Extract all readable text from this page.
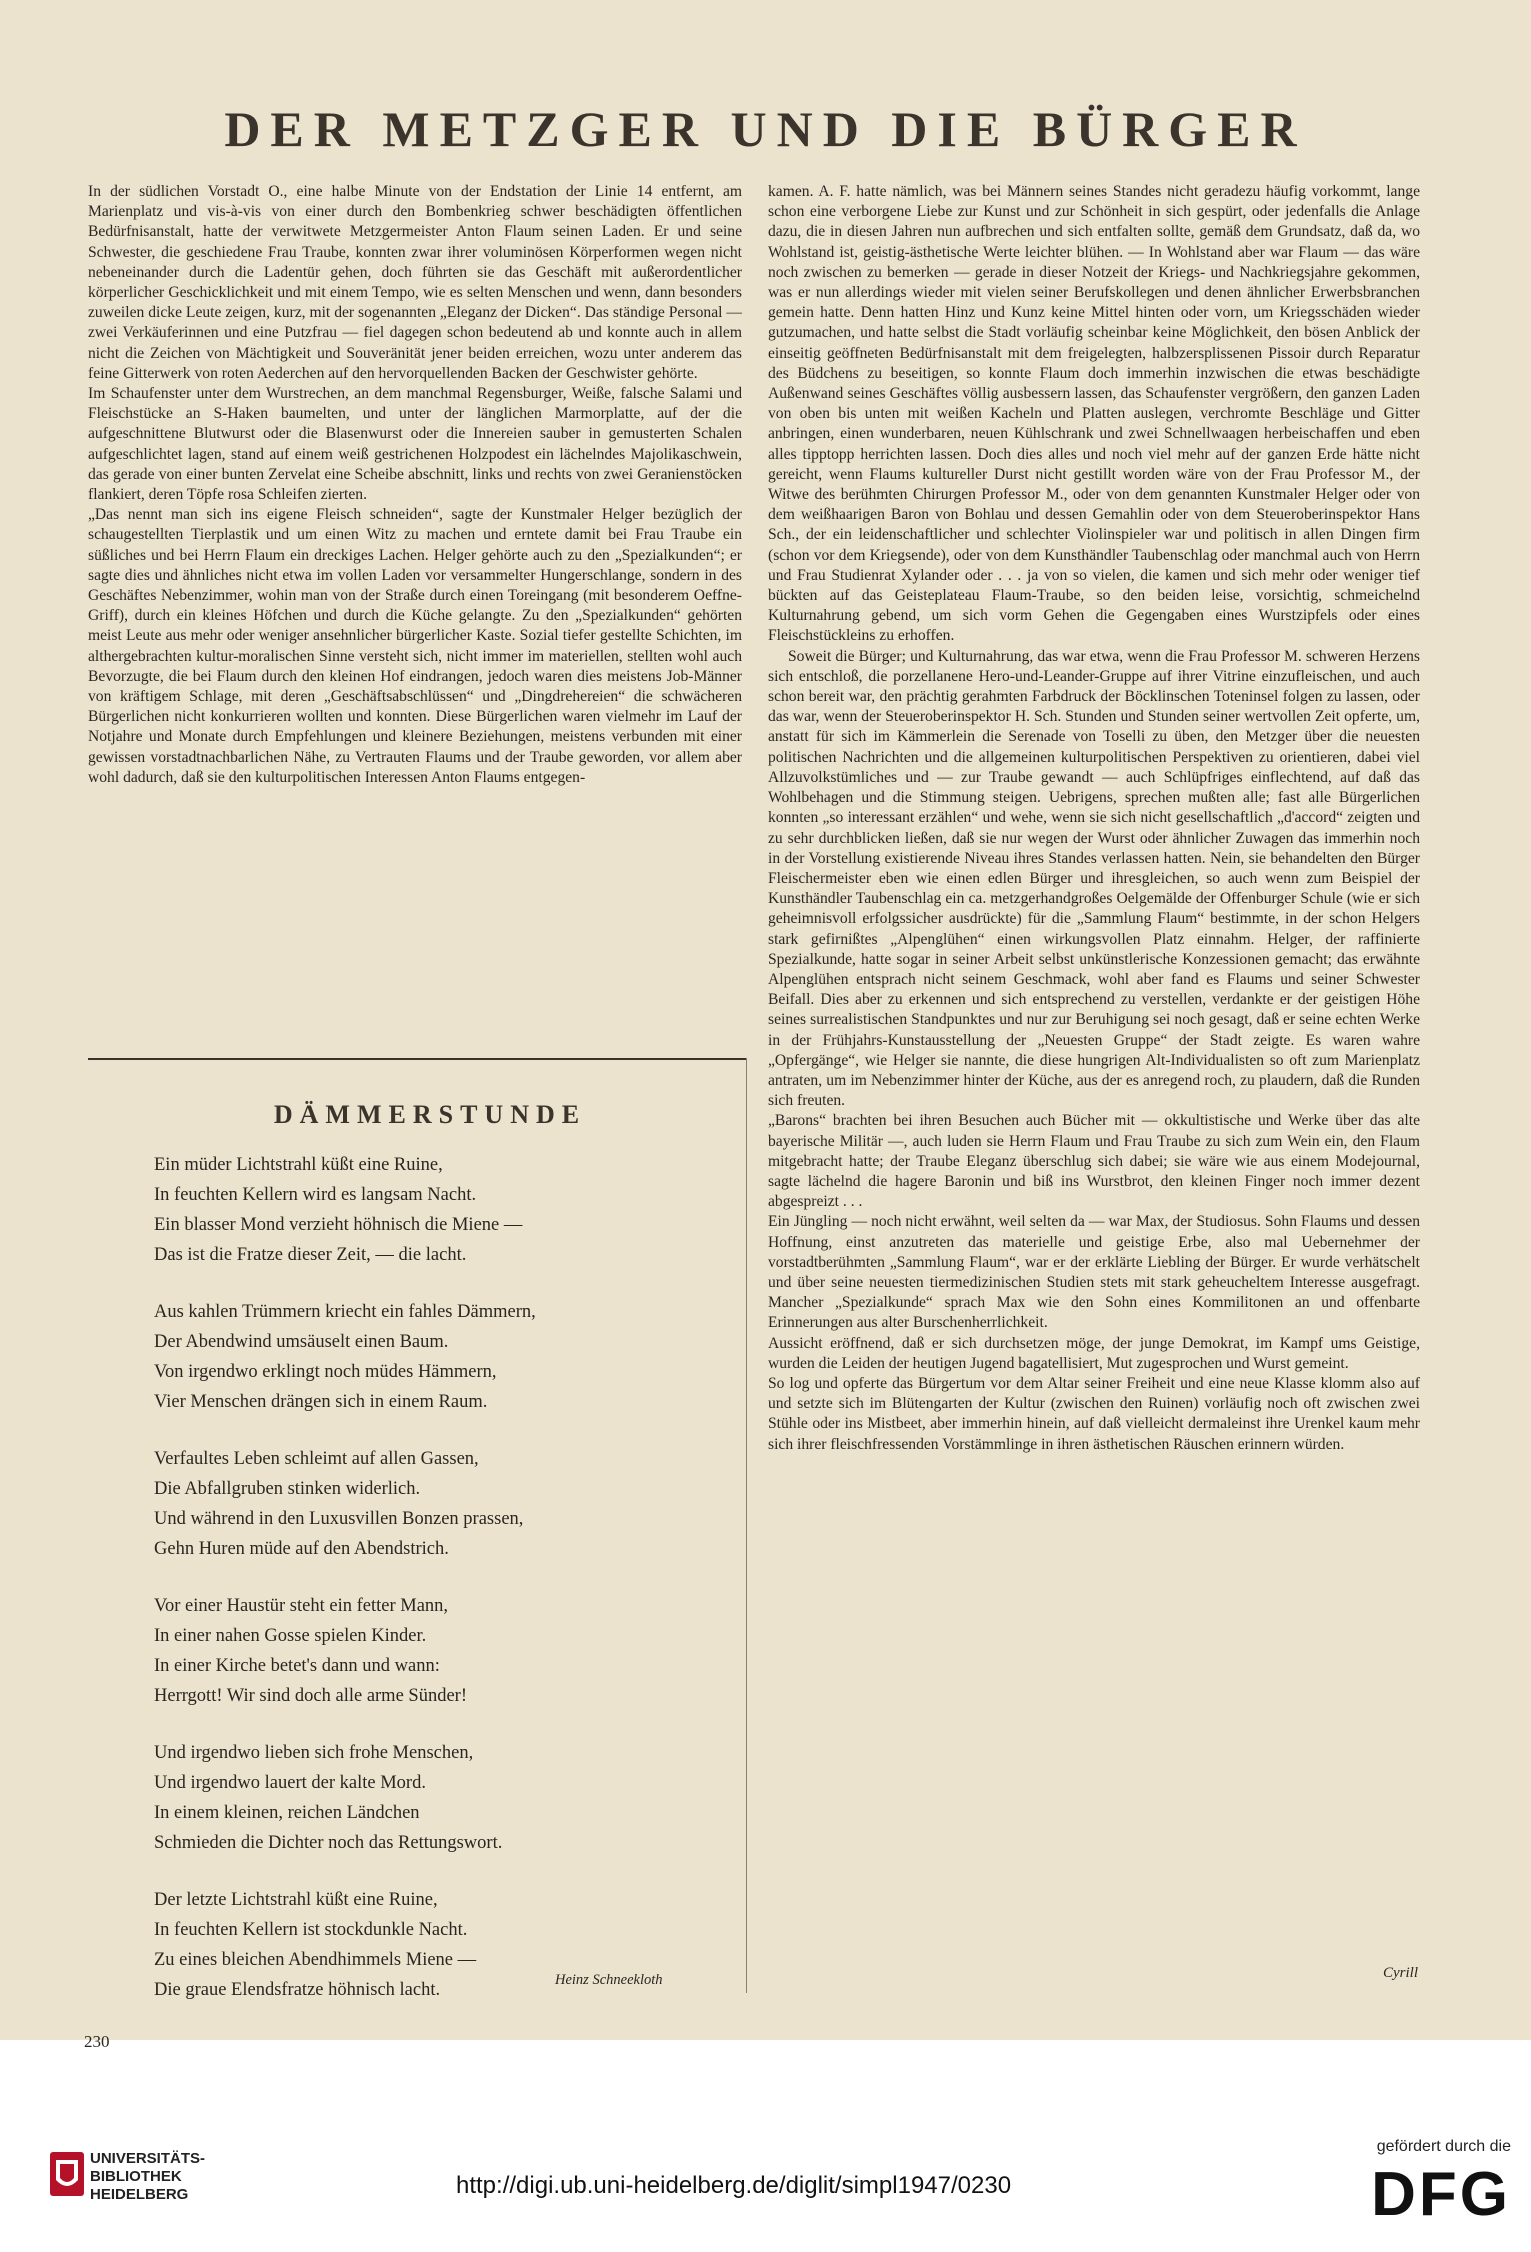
DER METZGER UND DIE BÜRGER

In der südlichen Vorstadt O., eine halbe Minute von der Endstation der Linie 14 entfernt, am Marienplatz und vis-à-vis von einer durch den Bombenkrieg schwer beschädigten öffentlichen Bedürfnisanstalt, hatte der verwitwete Metzgermeister Anton Flaum seinen Laden. Er und seine Schwester, die geschiedene Frau Traube, konnten zwar ihrer voluminösen Körperformen wegen nicht nebeneinander durch die Ladentür gehen, doch führten sie das Geschäft mit außerordentlicher körperlicher Geschicklichkeit und mit einem Tempo, wie es selten Menschen und wenn, dann besonders zuweilen dicke Leute zeigen, kurz, mit der sogenannten „Eleganz der Dicken“. Das ständige Personal — zwei Verkäuferinnen und eine Putzfrau — fiel dagegen schon bedeutend ab und konnte auch in allem nicht die Zeichen von Mächtigkeit und Souveränität jener beiden erreichen, wozu unter anderem das feine Gitterwerk von roten Aederchen auf den hervorquellenden Backen der Geschwister gehörte.

Im Schaufenster unter dem Wurstrechen, an dem manchmal Regensburger, Weiße, falsche Salami und Fleischstücke an S-Haken baumelten, und unter der länglichen Marmorplatte, auf der die aufgeschnittene Blutwurst oder die Blasenwurst oder die Innereien sauber in gemusterten Schalen aufgeschlichtet lagen, stand auf einem weiß gestrichenen Holzpodest ein lächelndes Majolikaschwein, das gerade von einer bunten Zervelat eine Scheibe abschnitt, links und rechts von zwei Geranienstöcken flankiert, deren Töpfe rosa Schleifen zierten.

„Das nennt man sich ins eigene Fleisch schneiden“, sagte der Kunstmaler Helger bezüglich der schaugestellten Tierplastik und um einen Witz zu machen und erntete damit bei Frau Traube ein süßliches und bei Herrn Flaum ein dreckiges Lachen. Helger gehörte auch zu den „Spezialkunden“; er sagte dies und ähnliches nicht etwa im vollen Laden vor versammelter Hungerschlange, sondern in des Geschäftes Nebenzimmer, wohin man von der Straße durch einen Toreingang (mit besonderem Oeffne-Griff), durch ein kleines Höfchen und durch die Küche gelangte. Zu den „Spezialkunden“ gehörten meist Leute aus mehr oder weniger ansehnlicher bürgerlicher Kaste. Sozial tiefer gestellte Schichten, im althergebrachten kultur-moralischen Sinne versteht sich, nicht immer im materiellen, stellten wohl auch Bevorzugte, die bei Flaum durch den kleinen Hof eindrangen, jedoch waren dies meistens Job-Männer von kräftigem Schlage, mit deren „Geschäftsabschlüssen“ und „Dingdrehereien“ die schwächeren Bürgerlichen nicht konkurrieren wollten und konnten. Diese Bürgerlichen waren vielmehr im Lauf der Notjahre und Monate durch Empfehlungen und kleinere Beziehungen, meistens verbunden mit einer gewissen vorstadtnachbarlichen Nähe, zu Vertrauten Flaums und der Traube geworden, vor allem aber wohl dadurch, daß sie den kulturpolitischen Interessen Anton Flaums entgegen-

kamen. A. F. hatte nämlich, was bei Männern seines Standes nicht geradezu häufig vorkommt, lange schon eine verborgene Liebe zur Kunst und zur Schönheit in sich gespürt, oder jedenfalls die Anlage dazu, die in diesen Jahren nun aufbrechen und sich entfalten sollte, gemäß dem Grundsatz, daß da, wo Wohlstand ist, geistig-ästhetische Werte leichter blühen. — In Wohlstand aber war Flaum — das wäre noch zwischen zu bemerken — gerade in dieser Notzeit der Kriegs- und Nachkriegsjahre gekommen, was er nun allerdings wieder mit vielen seiner Berufskollegen und denen ähnlicher Erwerbsbranchen gemein hatte. Denn hatten Hinz und Kunz keine Mittel hinten oder vorn, um Kriegsschäden wieder gutzumachen, und hatte selbst die Stadt vorläufig scheinbar keine Möglichkeit, den bösen Anblick der einseitig geöffneten Bedürfnisanstalt mit dem freigelegten, halbzersplissenen Pissoir durch Reparatur des Büdchens zu beseitigen, so konnte Flaum doch immerhin inzwischen die etwas beschädigte Außenwand seines Geschäftes völlig ausbessern lassen, das Schaufenster vergrößern, den ganzen Laden von oben bis unten mit weißen Kacheln und Platten auslegen, verchromte Beschläge und Gitter anbringen, einen wunderbaren, neuen Kühlschrank und zwei Schnellwaagen herbeischaffen und eben alles tipptopp herrichten lassen. Doch dies alles und noch viel mehr auf der ganzen Erde hätte nicht gereicht, wenn Flaums kultureller Durst nicht gestillt worden wäre von der Frau Professor M., der Witwe des berühmten Chirurgen Professor M., oder von dem genannten Kunstmaler Helger oder von dem weißhaarigen Baron von Bohlau und dessen Gemahlin oder von dem Steueroberinspektor Hans Sch., der ein leidenschaftlicher und schlechter Violinspieler war und politisch in allen Dingen firm (schon vor dem Kriegsende), oder von dem Kunsthändler Taubenschlag oder manchmal auch von Herrn und Frau Studienrat Xylander oder . . . ja von so vielen, die kamen und sich mehr oder weniger tief bückten auf das Geisteplateau Flaum-Traube, so den beiden leise, vorsichtig, schmeichelnd Kulturnahrung gebend, um sich vorm Gehen die Gegengaben eines Wurstzipfels oder eines Fleischstückleins zu erhoffen.

Soweit die Bürger; und Kulturnahrung, das war etwa, wenn die Frau Professor M. schweren Herzens sich entschloß, die porzellanene Hero-und-Leander-Gruppe auf ihrer Vitrine einzufleischen, und auch schon bereit war, den prächtig gerahmten Farbdruck der Böcklinschen Toteninsel folgen zu lassen, oder das war, wenn der Steueroberinspektor H. Sch. Stunden und Stunden seiner wertvollen Zeit opferte, um, anstatt für sich im Kämmerlein die Serenade von Toselli zu üben, den Metzger über die neuesten politischen Nachrichten und die allgemeinen kulturpolitischen Perspektiven zu orientieren, dabei viel Allzuvolkstümliches und — zur Traube gewandt — auch Schlüpfriges einflechtend, auf daß das Wohlbehagen und die Stimmung steigen. Uebrigens, sprechen mußten alle; fast alle Bürgerlichen konnten „so interessant erzählen“ und wehe, wenn sie sich nicht gesellschaftlich „d'accord“ zeigten und zu sehr durchblicken ließen, daß sie nur wegen der Wurst oder ähnlicher Zuwagen das immerhin noch in der Vorstellung existierende Niveau ihres Standes verlassen hatten. Nein, sie behandelten den Bürger Fleischermeister eben wie einen edlen Bürger und ihresgleichen, so auch wenn zum Beispiel der Kunsthändler Taubenschlag ein ca. metzgerhandgroßes Oelgemälde der Offenburger Schule (wie er sich geheimnisvoll erfolgssicher ausdrückte) für die „Sammlung Flaum“ bestimmte, in der schon Helgers stark gefirnißtes „Alpenglühen“ einen wirkungsvollen Platz einnahm. Helger, der raffinierte Spezialkunde, hatte sogar in seiner Arbeit selbst unkünstlerische Konzessionen gemacht; das erwähnte Alpenglühen entsprach nicht seinem Geschmack, wohl aber fand es Flaums und seiner Schwester Beifall. Dies aber zu erkennen und sich entsprechend zu verstellen, verdankte er der geistigen Höhe seines surrealistischen Standpunktes und nur zur Beruhigung sei noch gesagt, daß er seine echten Werke in der Frühjahrs-Kunstausstellung der „Neuesten Gruppe“ der Stadt zeigte. Es waren wahre „Opfergänge“, wie Helger sie nannte, die diese hungrigen Alt-Individualisten so oft zum Marienplatz antraten, um im Nebenzimmer hinter der Küche, aus der es anregend roch, zu plaudern, daß die Runden sich freuten.

„Barons“ brachten bei ihren Besuchen auch Bücher mit — okkultistische und Werke über das alte bayerische Militär —, auch luden sie Herrn Flaum und Frau Traube zu sich zum Wein ein, den Flaum mitgebracht hatte; der Traube Eleganz überschlug sich dabei; sie wäre wie aus einem Modejournal, sagte lächelnd die hagere Baronin und biß ins Wurstbrot, den kleinen Finger noch immer dezent abgespreizt . . .

Ein Jüngling — noch nicht erwähnt, weil selten da — war Max, der Studiosus. Sohn Flaums und dessen Hoffnung, einst anzutreten das materielle und geistige Erbe, also mal Uebernehmer der vorstadtberühmten „Sammlung Flaum“, war er der erklärte Liebling der Bürger. Er wurde verhätschelt und über seine neuesten tiermedizinischen Studien stets mit stark geheucheltem Interesse ausgefragt. Mancher „Spezialkunde“ sprach Max wie den Sohn eines Kommilitonen an und offenbarte Erinnerungen aus alter Burschenherrlichkeit.

Aussicht eröffnend, daß er sich durchsetzen möge, der junge Demokrat, im Kampf ums Geistige, wurden die Leiden der heutigen Jugend bagatellisiert, Mut zugesprochen und Wurst gemeint.

So log und opferte das Bürgertum vor dem Altar seiner Freiheit und eine neue Klasse klomm also auf und setzte sich im Blütengarten der Kultur (zwischen den Ruinen) vorläufig noch oft zwischen zwei Stühle oder ins Mistbeet, aber immerhin hinein, auf daß vielleicht dermaleinst ihre Urenkel kaum mehr sich ihrer fleischfressenden Vorstämmlinge in ihren ästhetischen Räuschen erinnern würden.

DÄMMERSTUNDE
Ein müder Lichtstrahl küßt eine Ruine,
In feuchten Kellern wird es langsam Nacht.
Ein blasser Mond verzieht höhnisch die Miene —
Das ist die Fratze dieser Zeit, — die lacht.
Aus kahlen Trümmern kriecht ein fahles Dämmern,
Der Abendwind umsäuselt einen Baum.
Von irgendwo erklingt noch müdes Hämmern,
Vier Menschen drängen sich in einem Raum.
Verfaultes Leben schleimt auf allen Gassen,
Die Abfallgruben stinken widerlich.
Und während in den Luxusvillen Bonzen prassen,
Gehn Huren müde auf den Abendstrich.
Vor einer Haustür steht ein fetter Mann,
In einer nahen Gosse spielen Kinder.
In einer Kirche betet's dann und wann:
Herrgott! Wir sind doch alle arme Sünder!
Und irgendwo lieben sich frohe Menschen,
Und irgendwo lauert der kalte Mord.
In einem kleinen, reichen Ländchen
Schmieden die Dichter noch das Rettungswort.
Der letzte Lichtstrahl küßt eine Ruine,
In feuchten Kellern ist stockdunkle Nacht.
Zu eines bleichen Abendhimmels Miene —
Die graue Elendsfratze höhnisch lacht.	Heinz Schneekloth	Cyrill
230
UNIVERSITÄTS-
BIBLIOTHEK
HEIDELBERG	http://digi.ub.uni-heidelberg.de/diglit/simpl1947/0230
gefördert durch die
DFG
